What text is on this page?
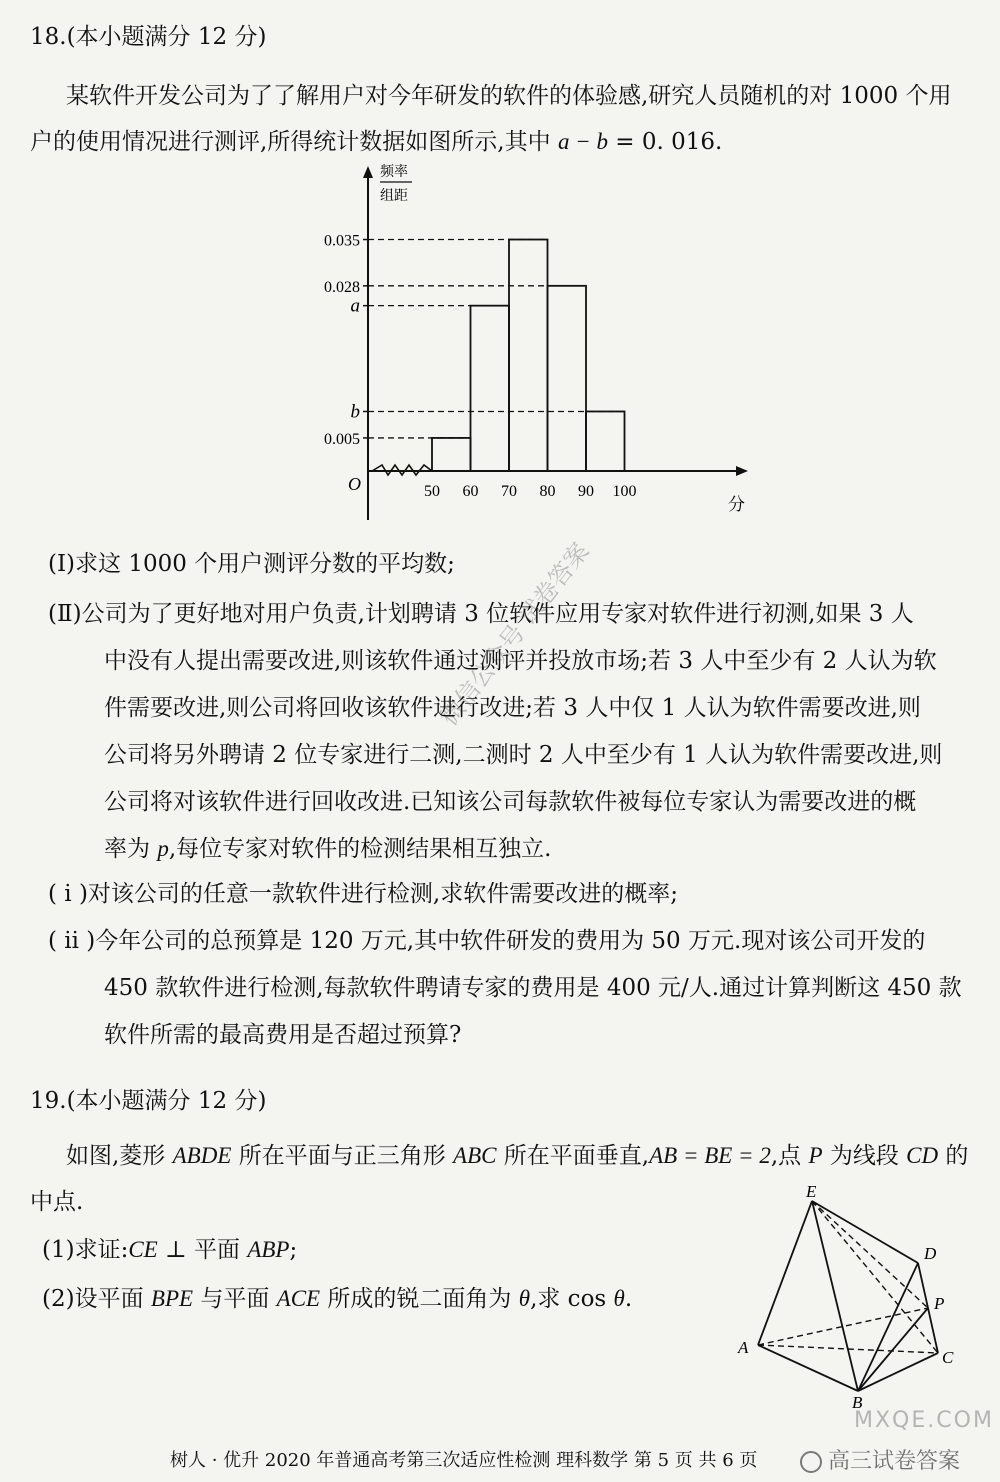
18.(本小题满分 12 分)
某软件开发公司为了了解用户对今年研发的软件的体验感,研究人员随机的对 1000 个用
户的使用情况进行测评,所得统计数据如图所示,其中 a − b = 0. 016.
频率
组距
O
分
0.035
0.028
a
b
0.005
50 60 70 80 90 100
(Ⅰ)求这 1000 个用户测评分数的平均数;
(Ⅱ)公司为了更好地对用户负责,计划聘请 3 位软件应用专家对软件进行初测,如果 3 人
中没有人提出需要改进,则该软件通过测评并投放市场;若 3 人中至少有 2 人认为软
件需要改进,则公司将回收该软件进行改进;若 3 人中仅 1 人认为软件需要改进,则
公司将另外聘请 2 位专家进行二测,二测时 2 人中至少有 1 人认为软件需要改进,则
公司将对该软件进行回收改进.已知该公司每款软件被每位专家认为需要改进的概
率为 p,每位专家对软件的检测结果相互独立.
( ⅰ )对该公司的任意一款软件进行检测,求软件需要改进的概率;
( ⅱ )今年公司的总预算是 120 万元,其中软件研发的费用为 50 万元.现对该公司开发的
450 款软件进行检测,每款软件聘请专家的费用是 400 元/人.通过计算判断这 450 款
软件所需的最高费用是否超过预算?
19.(本小题满分 12 分)
如图,菱形 ABDE 所在平面与正三角形 ABC 所在平面垂直,AB = BE = 2,点 P 为线段 CD 的
中点.
(1)求证:CE ⊥ 平面 ABP;
(2)设平面 BPE 与平面 ACE 所成的锐二面角为 θ,求 cos θ.
E
D
P
A
C
B
微信公众号 试卷答案
树人 · 优升 2020 年普通高考第三次适应性检测 理科数学 第 5 页 共 6 页
MXQE.COM
高三试卷答案
